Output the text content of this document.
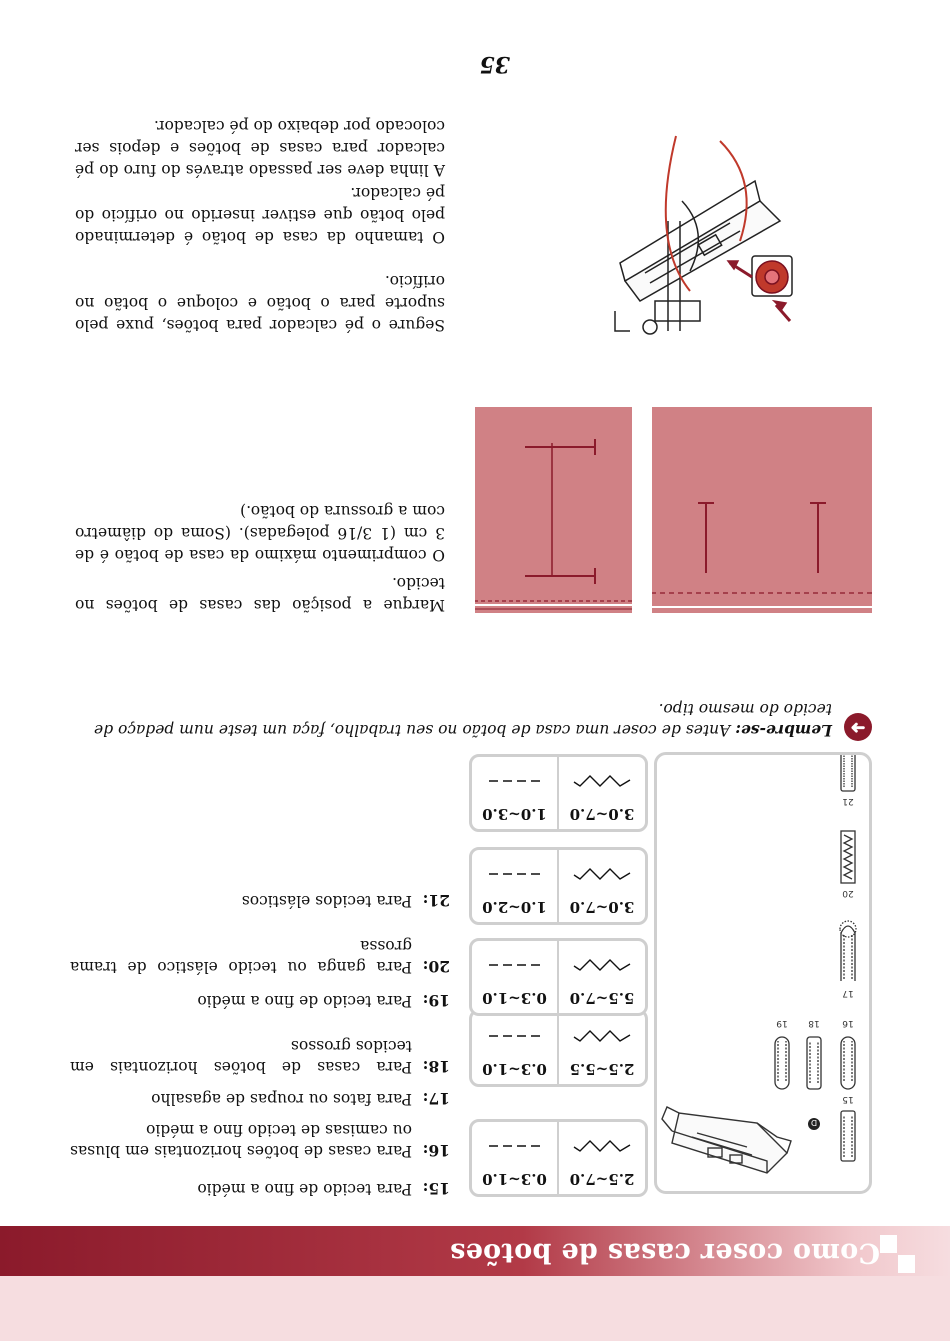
Como coser casas de botões
D
15
16
18
19
17
20
21
2.5~7.0
0.3~1.0
2.5~5.5
0.3~1.0
5.5~7.0
0.3~1.0
3.0~7.0
1.0~2.0
3.0~7.0
1.0~3.0
15:
Para tecido de fino a médio
16:
Para casas de botões horizontais em blusas ou camisas de tecido fino a médio
17:
Para fatos ou roupas de agasalho
18:
Para casas de botões horizontais em tecidos grossos
19:
Para tecido de fino a médio
20:
Para ganga ou tecido elástico de trama grossa
21:
Para tecidos elásticos
➜
Lembre-se: Antes de coser uma casa de botão no seu trabalho, faça um teste num pedaço de tecido do mesmo tipo.
Marque a posição das casas de botões no tecido.
O comprimento máximo da casa de botão é de 3 cm (1 3/16 polegadas). (Soma do diâmetro com a grossura do botão.)
Segure o pé calcador para botões, puxe pelo suporte para o botão e coloque o botão no orifício.
O tamanho da casa de botão é determinado pelo botão que estiver inserido no orifício do pé calcador.
A linha deve ser passado através do furo do pé calcador para casas de botões e depois ser colocado por debaixo do pé calcador.
35
